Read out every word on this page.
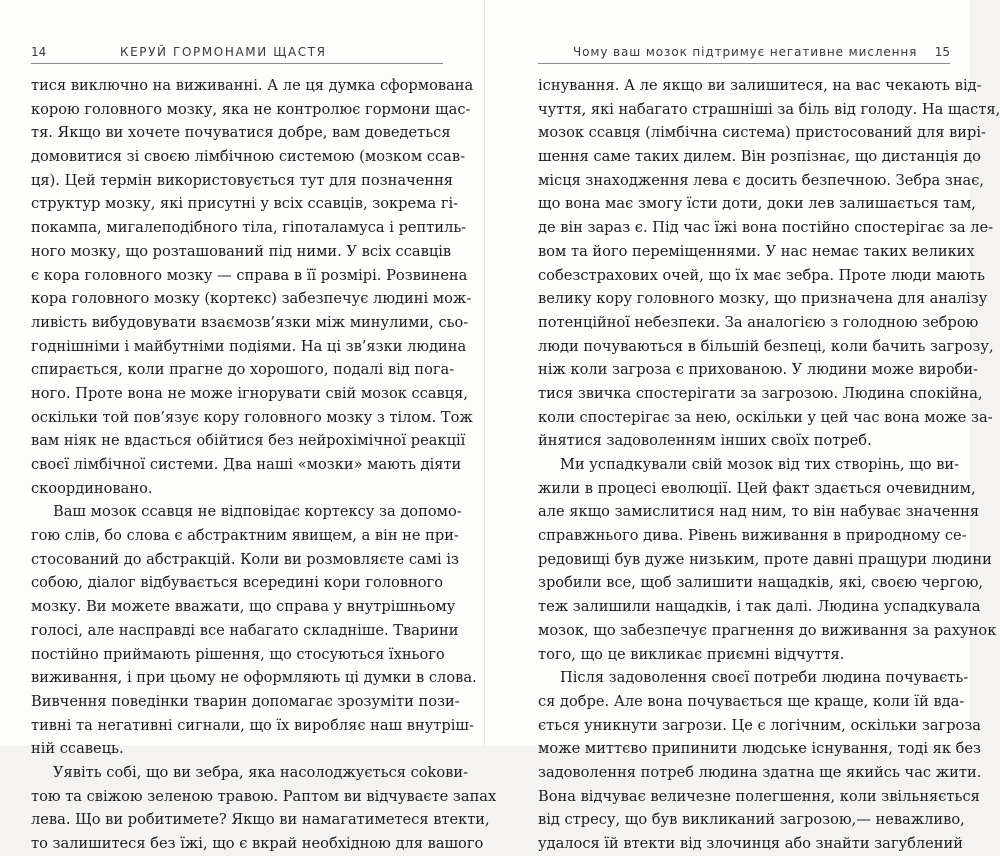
14	КЕРУЙ ГОРМОНАМИ ЩАСТЯ
тися виключно на виживанні. А ле ця думка сформована
корою головного мозку, яка не контролює гормони щас-
тя. Якщо ви хочете почуватися добре, вам доведеться
домовитися зі своєю лімбічною системою (мозком ссав-
ця). Цей термін використовується тут для позначення
структур мозку, які присутні у всіх ссавців, зокрема гі-
покампа, мигалеподібного тіла, гіпоталамуса і рептиль-
ного мозку, що розташований під ними. У всіх ссавців
є кора головного мозку — справа в її розмірі. Розвинена
кора головного мозку (кортекс) забезпечує людині мож-
ливість вибудовувати взаємозв’язки між минулими, сьо-
годнішніми і майбутніми подіями. На ці зв’язки людина
спирається, коли прагне до хорошого, подалі від пога-
ного. Проте вона не може ігнорувати свій мозок ссавця,
оскільки той пов’язує кору головного мозку з тілом. Тож
вам ніяк не вдасться обійтися без нейрохімічної реакції
своєї лімбічної системи. Два наші «мозки» мають діяти
скоординовано.
Ваш мозок ссавця не відповідає кортексу за допомо-
гою слів, бо слова є абстрактним явищем, а він не при-
стосований до абстракцій. Коли ви розмовляєте самі із
собою, діалог відбувається всередині кори головного
мозку. Ви можете вважати, що справа у внутрішньому
голосі, але насправді все набагато складніше. Тварини
постійно приймають рішення, що стосуються їхнього
виживання, і при цьому не оформляють ці думки в слова.
Вивчення поведінки тварин допомагає зрозуміти пози-
тивні та негативні сигнали, що їх виробляє наш внутріш-
ній ссавець.
Уявіть собі, що ви зебра, яка насолоджується cokoви-
тою та свіжою зеленою травою. Раптом ви відчуваєте запах
лева. Що ви робитимете? Якщо ви намагатиметеся втекти,
то залишитеся без їжі, що є вкрай необхідною для вашого
Чому ваш мозок підтримує негативне мислення 15
існування. А ле якщо ви залишитеся, на вас чекають від-
чуття, які набагато страшніші за біль від голоду. На щастя,
мозок ссавця (лімбічна система) пристосований для вирі-
шення саме таких дилем. Він розпізнає, що дистанція до
місця знаходження лева є досить безпечною. Зебра знає,
що вона має змогу їсти доти, доки лев залишається там,
де він зараз є. Під час їжі вона постійно спостерігає за ле-
вом та його переміщеннями. У нас немає таких великих
собезстрахових очей, що їх має зебра. Проте люди мають
велику кору головного мозку, що призначена для аналізу
потенційної небезпеки. За аналогією з голодною зеброю
люди почуваються в більшій безпеці, коли бачить загрозу,
ніж коли загроза є прихованою. У людини може вироби-
тися звичка спостерігати за загрозою. Людина спокійна,
коли спостерігає за нею, оскільки у цей час вона може за-
йнятися задоволенням інших своїх потреб.
Ми успадкували свій мозок від тих створінь, що ви-
жили в процесі еволюції. Цей факт здається очевидним,
але якщо замислитися над ним, то він набуває значення
справжнього дива. Рівень виживання в природному се-
редовищі був дуже низьким, проте давні пращури людини
зробили все, щоб залишити нащадків, які, своєю чергою,
теж залишили нащадків, і так далі. Людина успадкувала
мозок, що забезпечує прагнення до виживання за рахунок
того, що це викликає приємні відчуття.
Після задоволення своєї потреби людина почуваєть-
ся добре. Але вона почувається ще краще, коли їй вда-
ється уникнути загрози. Це є логічним, оскільки загроза
може миттєво припинити людське існування, тоді як без
задоволення потреб людина здатна ще якийсь час жити.
Вона відчуває величезне полегшення, коли звільняється
від стресу, що був викликаний загрозою,— неважливо,
удалося їй втекти від злочинця або знайти загублений
